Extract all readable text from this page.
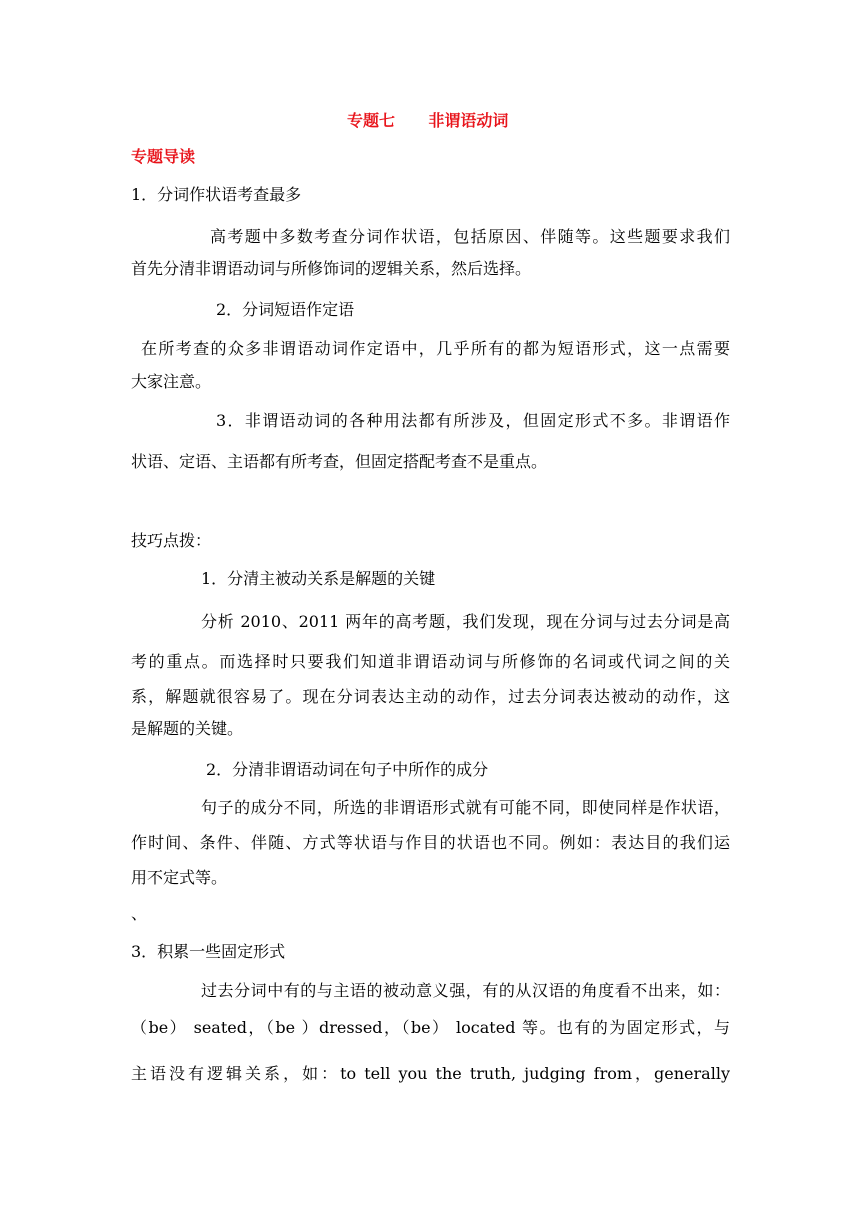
专题七      非谓语动词
专题导读
1．分词作状语考查最多
高考题中多数考查分词作状语，包括原因、伴随等。这些题要求我们
首先分清非谓语动词与所修饰词的逻辑关系，然后选择。
2．分词短语作定语
在所考查的众多非谓语动词作定语中，几乎所有的都为短语形式，这一点需要
大家注意。
3．非谓语动词的各种用法都有所涉及，但固定形式不多。非谓语作
状语、定语、主语都有所考查，但固定搭配考查不是重点。
技巧点拨：
1．分清主被动关系是解题的关键
分析 2010、2011 两年的高考题，我们发现，现在分词与过去分词是高
考的重点。而选择时只要我们知道非谓语动词与所修饰的名词或代词之间的关
系，解题就很容易了。现在分词表达主动的动作，过去分词表达被动的动作，这
是解题的关键。
2．分清非谓语动词在句子中所作的成分
句子的成分不同，所选的非谓语形式就有可能不同，即使同样是作状语，
作时间、条件、伴随、方式等状语与作目的状语也不同。例如：表达目的我们运
用不定式等。
、
3．积累一些固定形式
过去分词中有的与主语的被动意义强，有的从汉语的角度看不出来，如：
（be） seated，（be ）dressed，（be） located 等。也有的为固定形式，与
主语没有逻辑关系，如：to tell you the truth, judging from，generally
